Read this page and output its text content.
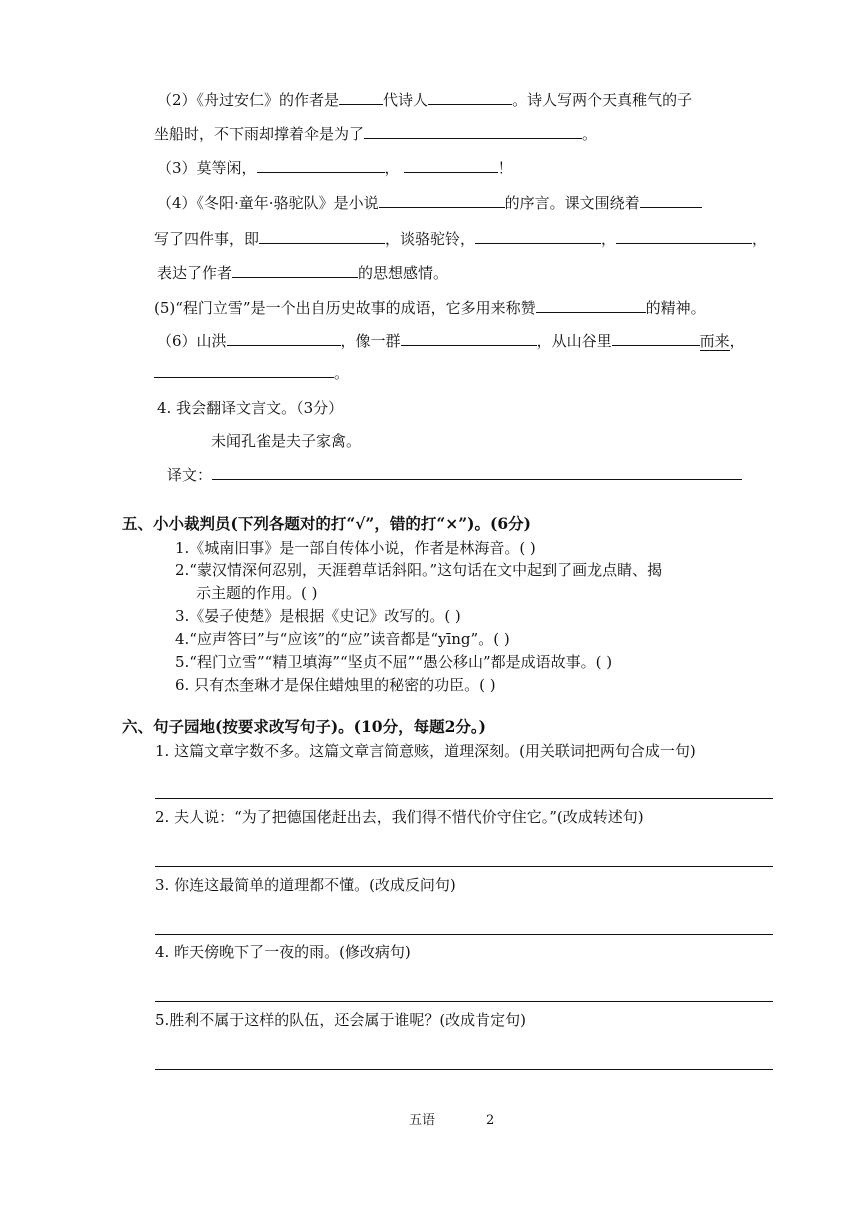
（2）《舟过安仁》的作者是	代诗人	。诗人写两个天真稚气的子
坐船时，不下雨却撑着伞是为了	。
（3）莫等闲，	，	！
（4）《冬阳·童年·骆驼队》是小说	的序言。课文围绕着
写了四件事，即	，谈骆驼铃，	，	，
表达了作者	的思想感情。
(5)“程门立雪”是一个出自历史故事的成语，它多用来称赞	的精神。
（6）山洪	，像一群	，从山谷里	而来，
。
4. 我会翻译文言文。（3分）
未闻孔雀是夫子家禽。
译文：
五、小小裁判员(下列各题对的打“√”，错的打“×”)。(6分)
1.《城南旧事》是一部自传体小说，作者是林海音。( )
2.“蒙汉情深何忍别，天涯碧草话斜阳。”这句话在文中起到了画龙点睛、揭
示主题的作用。( )
3.《晏子使楚》是根据《史记》改写的。( )
4.“应声答曰”与“应该”的“应”读音都是“yīng”。( )
5.“程门立雪”“精卫填海”“坚贞不屈”“愚公移山”都是成语故事。( )
6. 只有杰奎琳才是保住蜡烛里的秘密的功臣。( )
六、句子园地(按要求改写句子)。(10分，每题2分。)
1. 这篇文章字数不多。这篇文章言简意赅，道理深刻。(用关联词把两句合成一句)
2. 夫人说：“为了把德国佬赶出去，我们得不惜代价守住它。”(改成转述句)
3. 你连这最简单的道理都不懂。(改成反问句)
4. 昨天傍晚下了一夜的雨。(修改病句)
5.胜利不属于这样的队伍，还会属于谁呢？(改成肯定句)
五语	2
